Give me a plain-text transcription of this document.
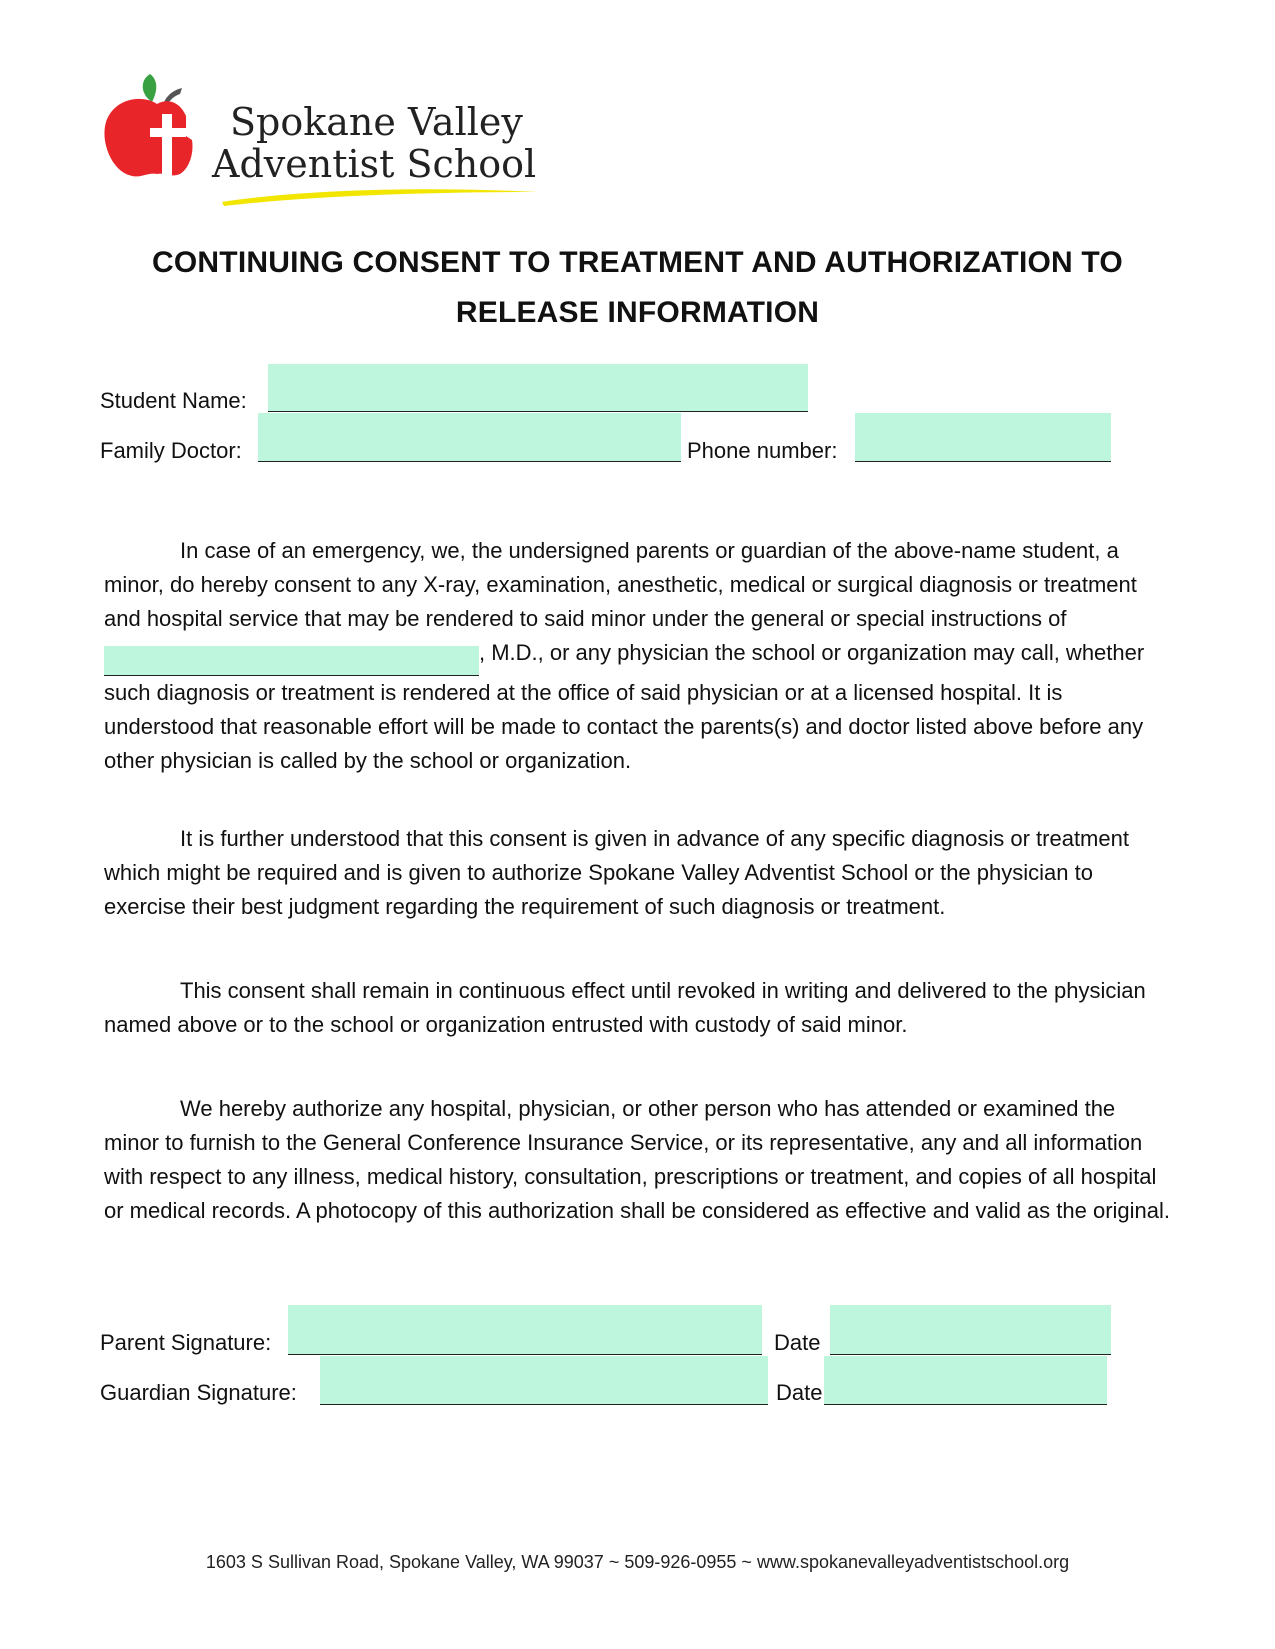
Spokane Valley
Adventist School
CONTINUING CONSENT TO TREATMENT AND AUTHORIZATION TO RELEASE INFORMATION
Student Name:
Family Doctor:	Phone number:

In case of an emergency, we, the undersigned parents or guardian of the above-name student, a minor, do hereby consent to any X-ray, examination, anesthetic, medical or surgical diagnosis or treatment and hospital service that may be rendered to said minor under the general or special instructions of , M.D., or any physician the school or organization may call, whether such diagnosis or treatment is rendered at the office of said physician or at a licensed hospital. It is understood that reasonable effort will be made to contact the parents(s) and doctor listed above before any other physician is called by the school or organization.

It is further understood that this consent is given in advance of any specific diagnosis or treatment which might be required and is given to authorize Spokane Valley Adventist School or the physician to exercise their best judgment regarding the requirement of such diagnosis or treatment.

This consent shall remain in continuous effect until revoked in writing and delivered to the physician named above or to the school or organization entrusted with custody of said minor.

We hereby authorize any hospital, physician, or other person who has attended or examined the minor to furnish to the General Conference Insurance Service, or its representative, any and all information with respect to any illness, medical history, consultation, prescriptions or treatment, and copies of all hospital or medical records. A photocopy of this authorization shall be considered as effective and valid as the original.

Parent Signature:	Date
Guardian Signature:	Date
1603 S Sullivan Road, Spokane Valley, WA 99037 ~ 509-926-0955 ~ www.spokanevalleyadventistschool.org
